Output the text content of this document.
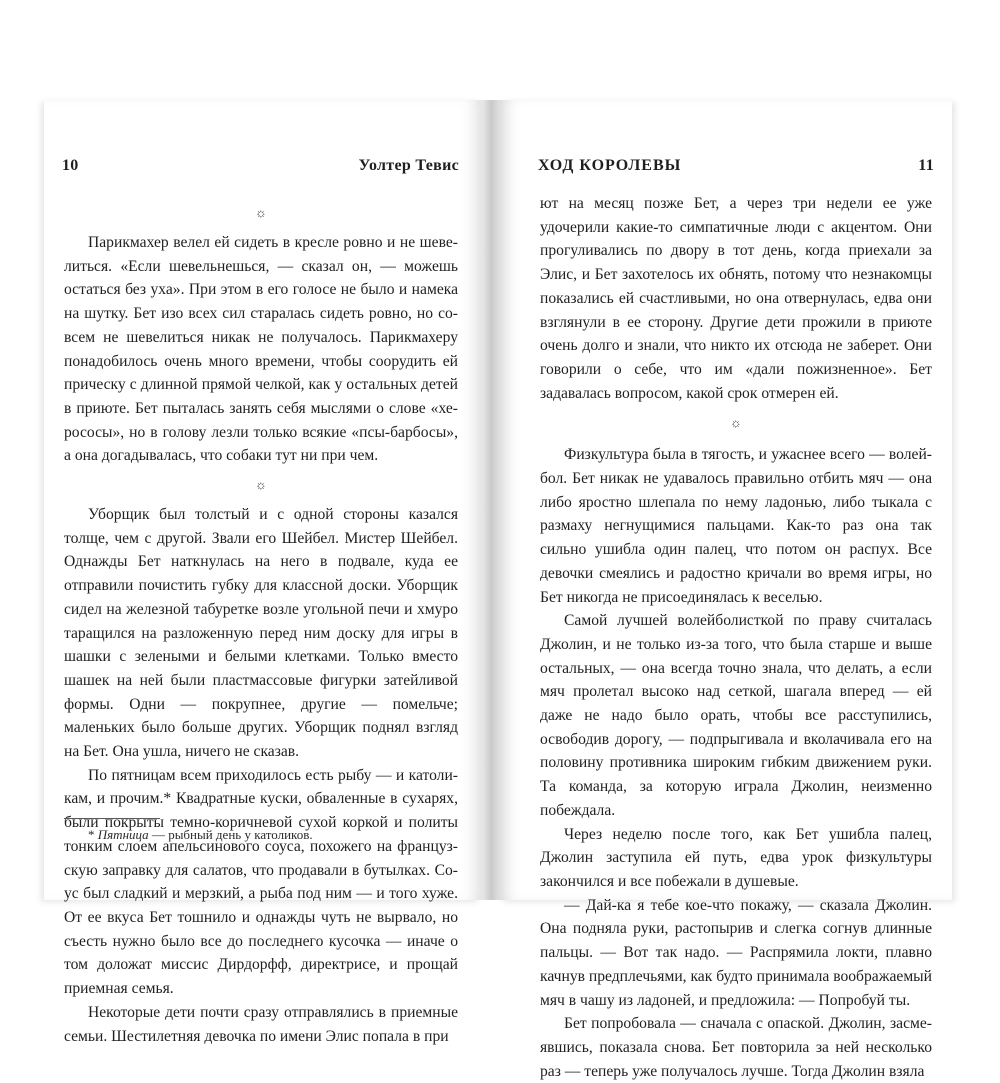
10	Уолтер Тевис
☼

Парикмахер велел ей сидеть в кресле ровно и не шевелиться. «Если шевельнешься, — сказал он, — можешь остаться без уха». При этом в его голосе не было и намека на шутку. Бет изо всех сил старалась сидеть ровно, но совсем не шевелиться никак не получалось. Парикмахеру понадобилось очень много времени, чтобы соорудить ей прическу с длинной прямой челкой, как у остальных детей в приюте. Бет пыталась занять себя мыслями о слове «херососы», но в голову лезли только всякие «псы-барбосы», а она догадывалась, что собаки тут ни при чем.

☼

Уборщик был толстый и с одной стороны казался толще, чем с другой. Звали его Шейбел. Мистер Шейбел. Однажды Бет наткнулась на него в подвале, куда ее отправили почистить губку для классной доски. Уборщик сидел на железной табуретке возле угольной печи и хмуро таращился на разложенную перед ним доску для игры в шашки с зелеными и белыми клетками. Только вместо шашек на ней были пластмассовые фигурки затейливой формы. Одни — покрупнее, другие — помельче; маленьких было больше других. Уборщик поднял взгляд на Бет. Она ушла, ничего не сказав.

По пятницам всем приходилось есть рыбу — и католикам, и прочим.* Квадратные куски, обваленные в сухарях, были покрыты темно-коричневой сухой коркой и политы тонким слоем апельсинового соуса, похожего на французскую заправку для салатов, что продавали в бутылках. Соус был сладкий и мерзкий, а рыба под ним — и того хуже. От ее вкуса Бет тошнило и однажды чуть не вырвало, но съесть нужно было все до последнего кусочка — иначе о том доложат миссис Дирдорфф, директрисе, и прощай приемная семья.

Некоторые дети почти сразу отправлялись в приемные семьи. Шестилетняя девочка по имени Элис попала в при

* Пятница — рыбный день у католиков.
ХОД КОРОЛЕВЫ	11

ют на месяц позже Бет, а через три недели ее уже удочерили какие-то симпатичные люди с акцентом. Они прогуливались по двору в тот день, когда приехали за Элис, и Бет захотелось их обнять, потому что незнакомцы показались ей счастливыми, но она отвернулась, едва они взглянули в ее сторону. Другие дети прожили в приюте очень долго и знали, что никто их отсюда не заберет. Они говорили о себе, что им «дали пожизненное». Бет задавалась вопросом, какой срок отмерен ей.

☼

Физкультура была в тягость, и ужаснее всего — волейбол. Бет никак не удавалось правильно отбить мяч — она либо яростно шлепала по нему ладонью, либо тыкала с размаху негнущимися пальцами. Как-то раз она так сильно ушибла один палец, что потом он распух. Все девочки смеялись и радостно кричали во время игры, но Бет никогда не присоединялась к веселью.

Самой лучшей волейболисткой по праву считалась Джолин, и не только из-за того, что была старше и выше остальных, — она всегда точно знала, что делать, а если мяч пролетал высоко над сеткой, шагала вперед — ей даже не надо было орать, чтобы все расступились, освободив дорогу, — подпрыгивала и вколачивала его на половину противника широким гибким движением руки. Та команда, за которую играла Джолин, неизменно побеждала.

Через неделю после того, как Бет ушибла палец, Джолин заступила ей путь, едва урок физкультуры закончился и все побежали в душевые.

— Дай-ка я тебе кое-что покажу, — сказала Джолин. Она подняла руки, растопырив и слегка согнув длинные пальцы. — Вот так надо. — Распрямила локти, плавно качнув предплечьями, как будто принимала воображаемый мяч в чашу из ладоней, и предложила: — Попробуй ты.

Бет попробовала — сначала с опаской. Джолин, засмеявшись, показала снова. Бет повторила за ней несколько раз — теперь уже получалось лучше. Тогда Джолин взяла
